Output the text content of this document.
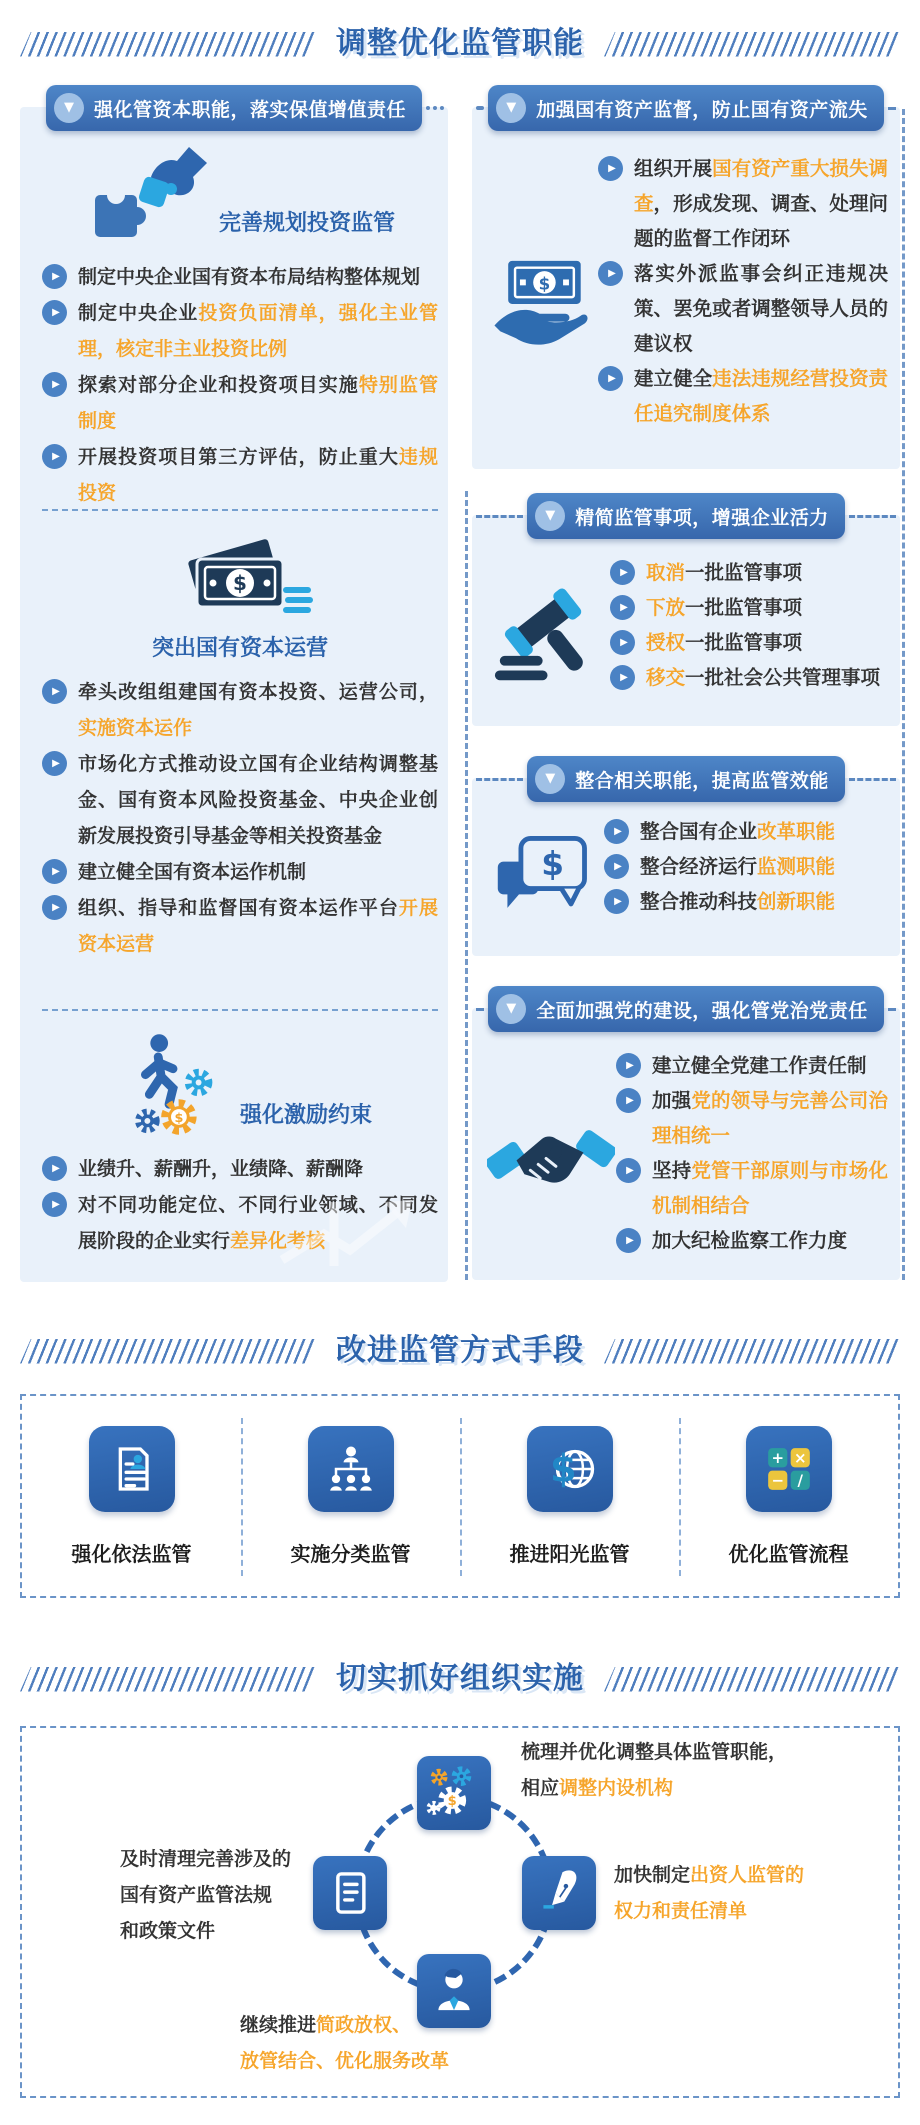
调整优化监管职能
▼	强化管资本职能，落实保值增值责任
完善规划投资监管
▶ 制定中央企业国有资本布局结构整体规划
▶ 制定中央企业投资负面清单，强化主业管理，核定非主业投资比例
▶ 探索对部分企业和投资项目实施特别监管制度
▶ 开展投资项目第三方评估，防止重大违规投资
$
突出国有资本运营
▶ 牵头改组组建国有资本投资、运营公司，实施资本运作
▶ 市场化方式推动设立国有企业结构调整基金、国有资本风险投资基金、中央企业创新发展投资引导基金等相关投资基金
▶ 建立健全国有资本运作机制
▶ 组织、指导和监督国有资本运作平台开展资本运营
$	强化激励约束
▶ 业绩升、薪酬升，业绩降、薪酬降
▶ 对不同功能定位、不同行业领域、不同发展阶段的企业实行差异化考核
▼	加强国有资产监督，防止国有资产流失
$
▶ 组织开展国有资产重大损失调查，形成发现、调查、处理问题的监督工作闭环
▶ 落实外派监事会纠正违规决策、罢免或者调整领导人员的建议权
▶ 建立健全违法违规经营投资责任追究制度体系
▼	精简监管事项，增强企业活力
▶ 取消一批监管事项
▶ 下放一批监管事项
▶ 授权一批监管事项
▶ 移交一批社会公共管理事项
▼	整合相关职能，提高监管效能
$
▶ 整合国有企业改革职能
▶ 整合经济运行监测职能
▶ 整合推动科技创新职能
▼	全面加强党的建设，强化管党治党责任
▶ 建立健全党建工作责任制
▶ 加强党的领导与完善公司治理相统一
▶ 坚持党管干部原则与市场化机制相结合
▶ 加大纪检监察工作力度
改进监管方式手段
强化依法监管	实施分类监管
$
推进阳光监管
+ ×
− /
优化监管流程
切实抓好组织实施
$
梳理并优化调整具体监管职能，
相应调整内设机构
及时清理完善涉及的
国有资产监管法规
和政策文件
加快制定出资人监管的
权力和责任清单
继续推进简政放权、
放管结合、优化服务改革
